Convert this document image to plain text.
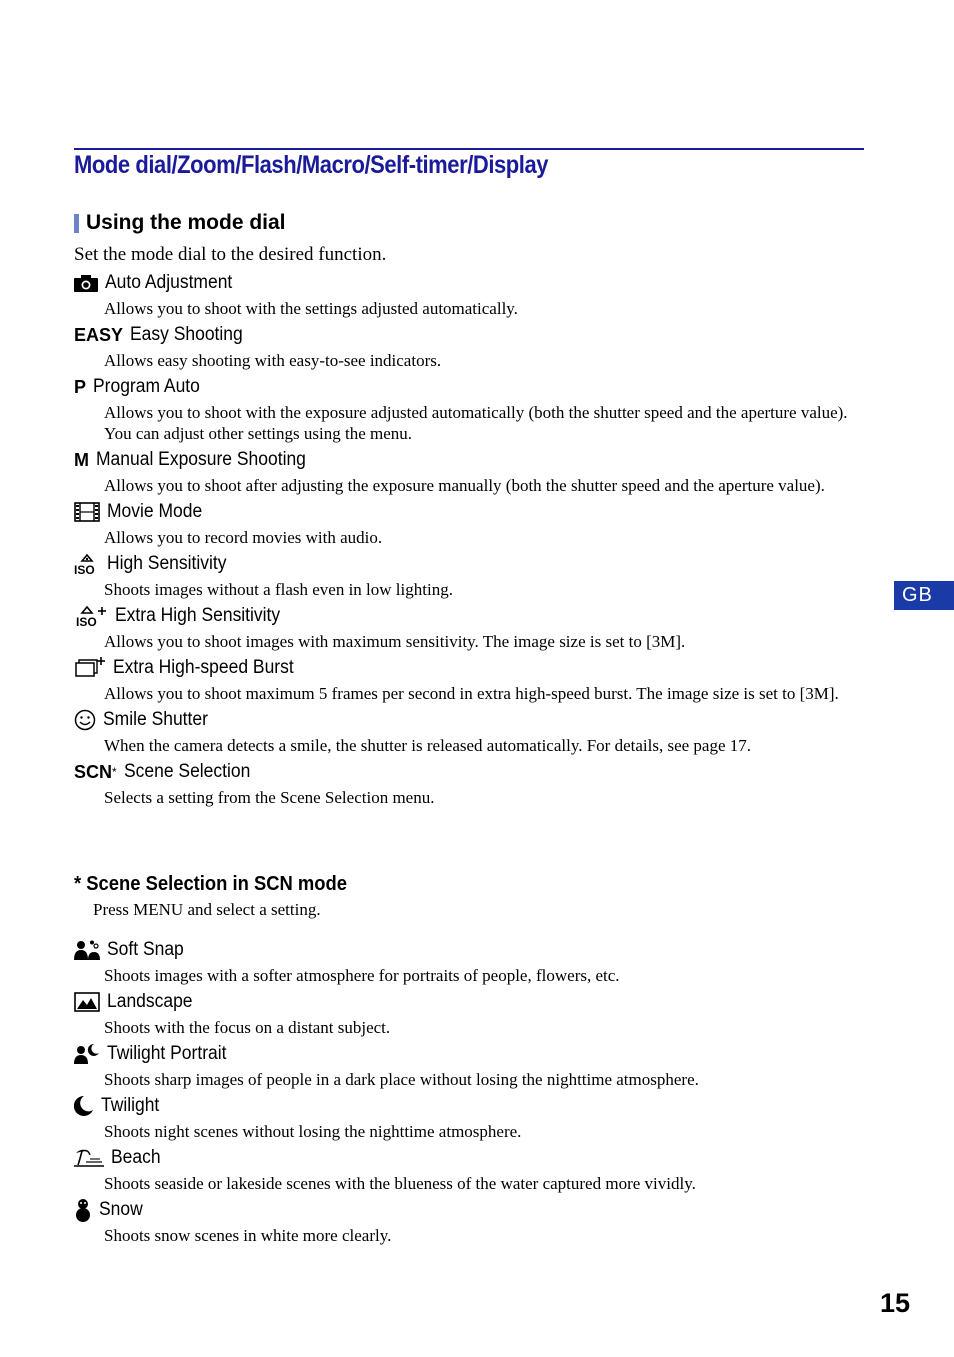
Mode dial/Zoom/Flash/Macro/Self-timer/Display
Using the mode dial

Set the mode dial to the desired function.

Auto Adjustment

Allows you to shoot with the settings adjusted automatically.

EASY Easy Shooting

Allows easy shooting with easy-to-see indicators.

P Program Auto

Allows you to shoot with the exposure adjusted automatically (both the shutter speed and the aperture value). You can adjust other settings using the menu.

M Manual Exposure Shooting

Allows you to shoot after adjusting the exposure manually (both the shutter speed and the aperture value).

Movie Mode

Allows you to record movies with audio.

ISO High Sensitivity

Shoots images without a flash even in low lighting.

ISO Extra High Sensitivity

Allows you to shoot images with maximum sensitivity. The image size is set to [3M].

Extra High-speed Burst

Allows you to shoot maximum 5 frames per second in extra high-speed burst. The image size is set to [3M].

Smile Shutter

When the camera detects a smile, the shutter is released automatically. For details, see page 17.

SCN * Scene Selection

Selects a setting from the Scene Selection menu.

GB
* Scene Selection in SCN mode

Press MENU and select a setting.

Soft Snap

Shoots images with a softer atmosphere for portraits of people, flowers, etc.

Landscape

Shoots with the focus on a distant subject.

Twilight Portrait

Shoots sharp images of people in a dark place without losing the nighttime atmosphere.

Twilight

Shoots night scenes without losing the nighttime atmosphere.

Beach

Shoots seaside or lakeside scenes with the blueness of the water captured more vividly.

Snow

Shoots snow scenes in white more clearly.

15
